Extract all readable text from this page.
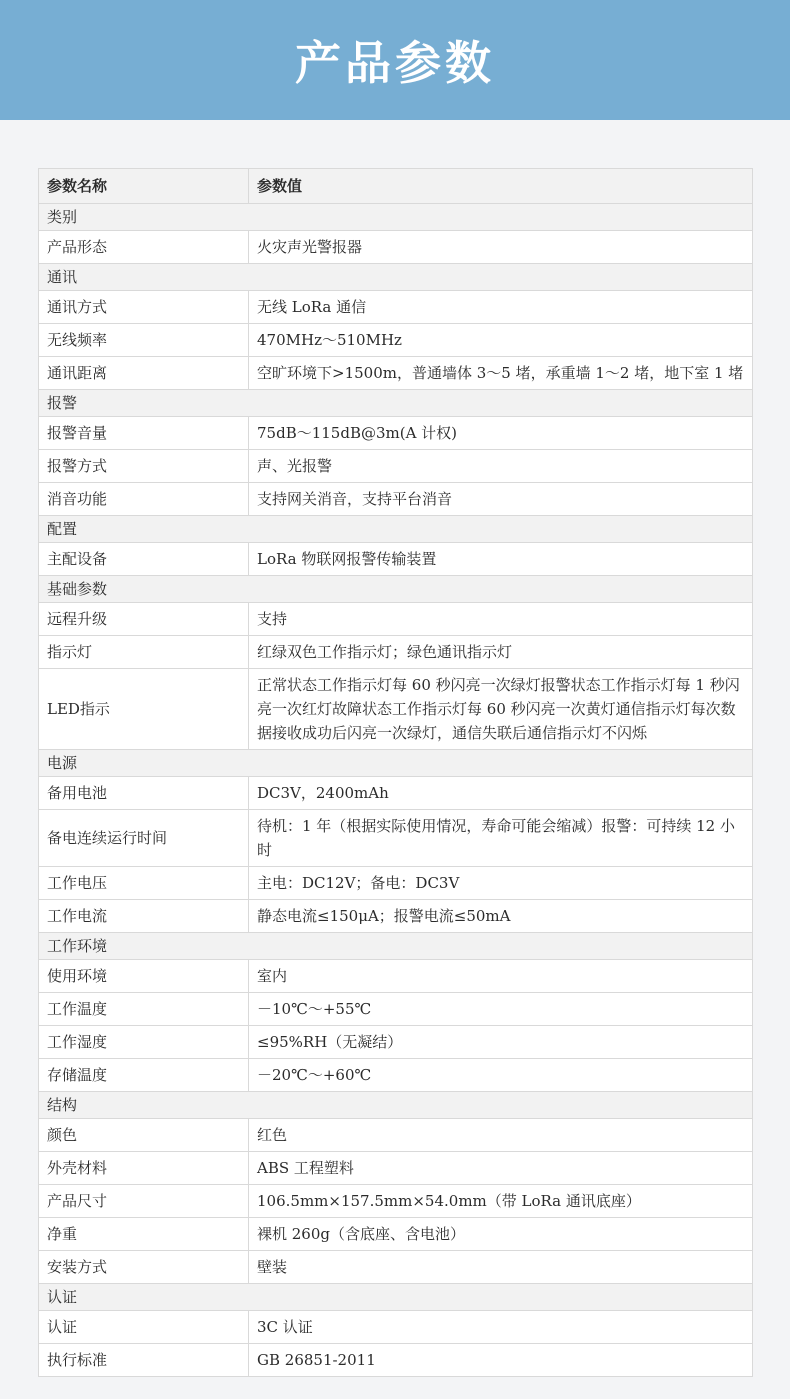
产品参数
参数名称	参数值
类别	
产品形态	火灾声光警报器
通讯	
通讯方式	无线 LoRa 通信
无线频率	470MHz～510MHz
通讯距离	空旷环境下>1500m，普通墙体 3～5 堵，承重墙 1～2 堵，地下室 1 堵
报警	
报警音量	75dB～115dB@3m(A 计权)
报警方式	声、光报警
消音功能	支持网关消音，支持平台消音
配置	
主配设备	LoRa 物联网报警传输装置
基础参数	
远程升级	支持
指示灯	红绿双色工作指示灯；绿色通讯指示灯
LED指示	正常状态工作指示灯每 60 秒闪亮一次绿灯报警状态工作指示灯每 1 秒闪亮一次红灯故障状态工作指示灯每 60 秒闪亮一次黄灯通信指示灯每次数据接收成功后闪亮一次绿灯，通信失联后通信指示灯不闪烁
电源	
备用电池	DC3V，2400mAh
备电连续运行时间	待机：1 年（根据实际使用情况，寿命可能会缩减）报警：可持续 12 小时
工作电压	主电：DC12V；备电：DC3V
工作电流	静态电流≤150μA；报警电流≤50mA
工作环境	
使用环境	室内
工作温度	－10℃～+55℃
工作湿度	≤95%RH（无凝结）
存储温度	－20℃～+60℃
结构	
颜色	红色
外壳材料	ABS 工程塑料
产品尺寸	106.5mm×157.5mm×54.0mm（带 LoRa 通讯底座）
净重	裸机 260g（含底座、含电池）
安装方式	壁装
认证	
认证	3C 认证
执行标准	GB 26851-2011
